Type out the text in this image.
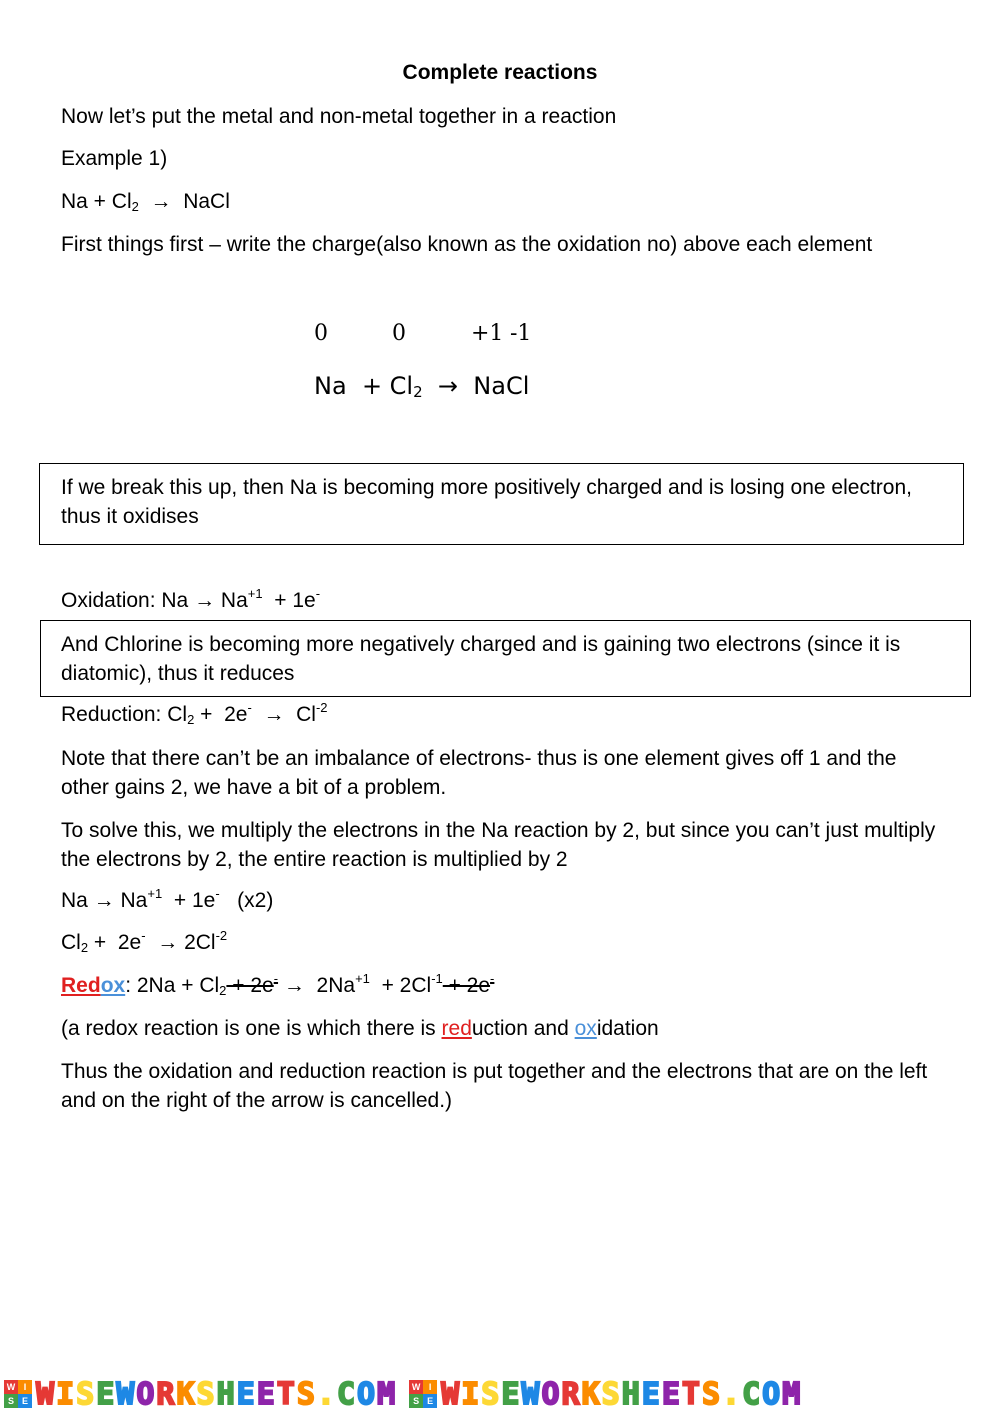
Complete reactions
Now let’s put the metal and non-metal together in a reaction
Example 1)
$Na + Cl_2$ → NaCl
First things first – write the charge(also known as the oxidation no) above each element
0	0	+1 -1
$Na + Cl_2$ → NaCl
If we break this up, then Na is becoming more positively charged and is losing one electron, thus it oxidises
Oxidation: $Na \to Na^{+1} + 1e^-$
And Chlorine is becoming more negatively charged and is gaining two electrons (since it is diatomic), thus it reduces
Reduction: $Cl_2 + 2e^- \to Cl^{-2}$
Note that there can’t be an imbalance of electrons- thus is one element gives off 1 and the other gains 2, we have a bit of a problem.
To solve this, we multiply the electrons in the Na reaction by 2, but since you can’t just multiply the electrons by 2, the entire reaction is multiplied by 2
$Na \to Na^{+1} + 1e^-$   (x2)
$Cl_2 + 2e^- \to 2Cl^{-2}$
Redox: $2Na + Cl_2 + 2e^- \to 2Na^{+1} + 2Cl^{-1} + 2e^-$
(a redox reaction is one is which there is reduction and oxidation
Thus the oxidation and reduction reaction is put together and the electrons that are on the left and on the right of the arrow is cancelled.)
W I
S E WISEWORKSHEETS.COM	W I
S E WISEWORKSHEETS.COM
